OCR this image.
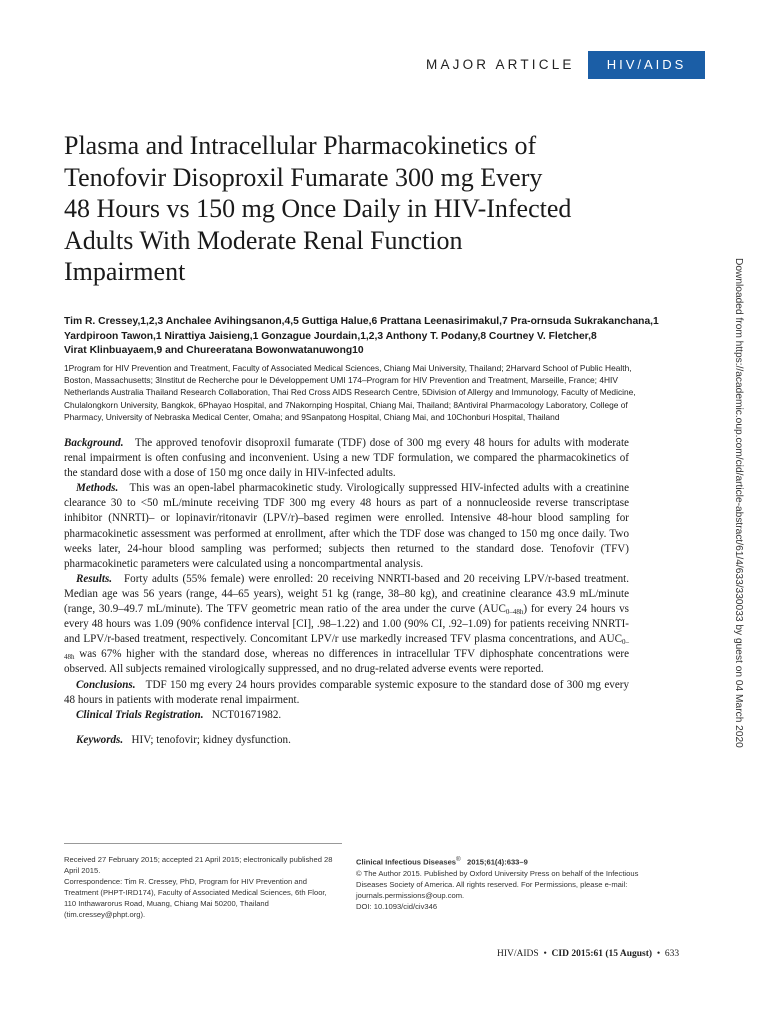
MAJOR ARTICLE	HIV/AIDS
Plasma and Intracellular Pharmacokinetics of
Tenofovir Disoproxil Fumarate 300 mg Every
48 Hours vs 150 mg Once Daily in HIV-Infected
Adults With Moderate Renal Function
Impairment	Downloaded from https://academic.oup.com/cid/article-abstract/61/4/633/330033 by guest on 04 March 2020
Tim R. Cressey,1,2,3 Anchalee Avihingsanon,4,5 Guttiga Halue,6 Prattana Leenasirimakul,7 Pra-ornsuda Sukrakanchana,1
Yardpiroon Tawon,1 Nirattiya Jaisieng,1 Gonzague Jourdain,1,2,3 Anthony T. Podany,8 Courtney V. Fletcher,8
Virat Klinbuayaem,9 and Chureeratana Bowonwatanuwong10
1Program for HIV Prevention and Treatment, Faculty of Associated Medical Sciences, Chiang Mai University, Thailand; 2Harvard School of Public Health,
Boston, Massachusetts; 3Institut de Recherche pour le Développement UMI 174–Program for HIV Prevention and Treatment, Marseille, France; 4HIV
Netherlands Australia Thailand Research Collaboration, Thai Red Cross AIDS Research Centre, 5Division of Allergy and Immunology, Faculty of Medicine,
Chulalongkorn University, Bangkok, 6Phayao Hospital, and 7Nakornping Hospital, Chiang Mai, Thailand; 8Antiviral Pharmacology Laboratory, College of
Pharmacy, University of Nebraska Medical Center, Omaha; and 9Sanpatong Hospital, Chiang Mai, and 10Chonburi Hospital, Thailand

Background. The approved tenofovir disoproxil fumarate (TDF) dose of 300 mg every 48 hours for adults with moderate renal impairment is often confusing and inconvenient. Using a new TDF formulation, we compared the pharmacokinetics of the standard dose with a dose of 150 mg once daily in HIV-infected adults.

Methods. This was an open-label pharmacokinetic study. Virologically suppressed HIV-infected adults with a creatinine clearance 30 to <50 mL/minute receiving TDF 300 mg every 48 hours as part of a nonnucleoside reverse transcriptase inhibitor (NNRTI)– or lopinavir/ritonavir (LPV/r)–based regimen were enrolled. Intensive 48-hour blood sampling for pharmacokinetic assessment was performed at enrollment, after which the TDF dose was changed to 150 mg once daily. Two weeks later, 24-hour blood sampling was performed; subjects then returned to the standard dose. Tenofovir (TFV) pharmacokinetic parameters were calculated using a noncompartmental analysis.

Results. Forty adults (55% female) were enrolled: 20 receiving NNRTI-based and 20 receiving LPV/r-based treatment. Median age was 56 years (range, 44–65 years), weight 51 kg (range, 38–80 kg), and creatinine clearance 43.9 mL/minute (range, 30.9–49.7 mL/minute). The TFV geometric mean ratio of the area under the curve $(AUC_{0-48h})$ for every 24 hours vs every 48 hours was 1.09 (90% confidence interval [CI], .98–1.22) and 1.00 (90% CI, .92–1.09) for patients receiving NNRTI- and LPV/r-based treatment, respectively. Concomitant LPV/r use markedly increased TFV plasma concentrations, and $AUC_{0-48h}$ was 67% higher with the standard dose, whereas no differences in intracellular TFV diphosphate concentrations were observed. All subjects remained virologically suppressed, and no drug-related adverse events were reported.

Conclusions. TDF 150 mg every 24 hours provides comparable systemic exposure to the standard dose of 300 mg every 48 hours in patients with moderate renal impairment.

Clinical Trials Registration. NCT01671982.

Keywords. HIV; tenofovir; kidney dysfunction.

Received 27 February 2015; accepted 21 April 2015; electronically published 28 April 2015.

Correspondence: Tim R. Cressey, PhD, Program for HIV Prevention and Treatment (PHPT-IRD174), Faculty of Associated Medical Sciences, 6th Floor, 110 Inthawarorus Road, Muang, Chiang Mai 50200, Thailand (tim.cressey@phpt.org).

Clinical Infectious Diseases® 2015;61(4):633–9

© The Author 2015. Published by Oxford University Press on behalf of the Infectious Diseases Society of America. All rights reserved. For Permissions, please e-mail: journals.permissions@oup.com.

DOI: 10.1093/cid/civ346

HIV/AIDS  •  CID 2015:61 (15 August)  •  633
